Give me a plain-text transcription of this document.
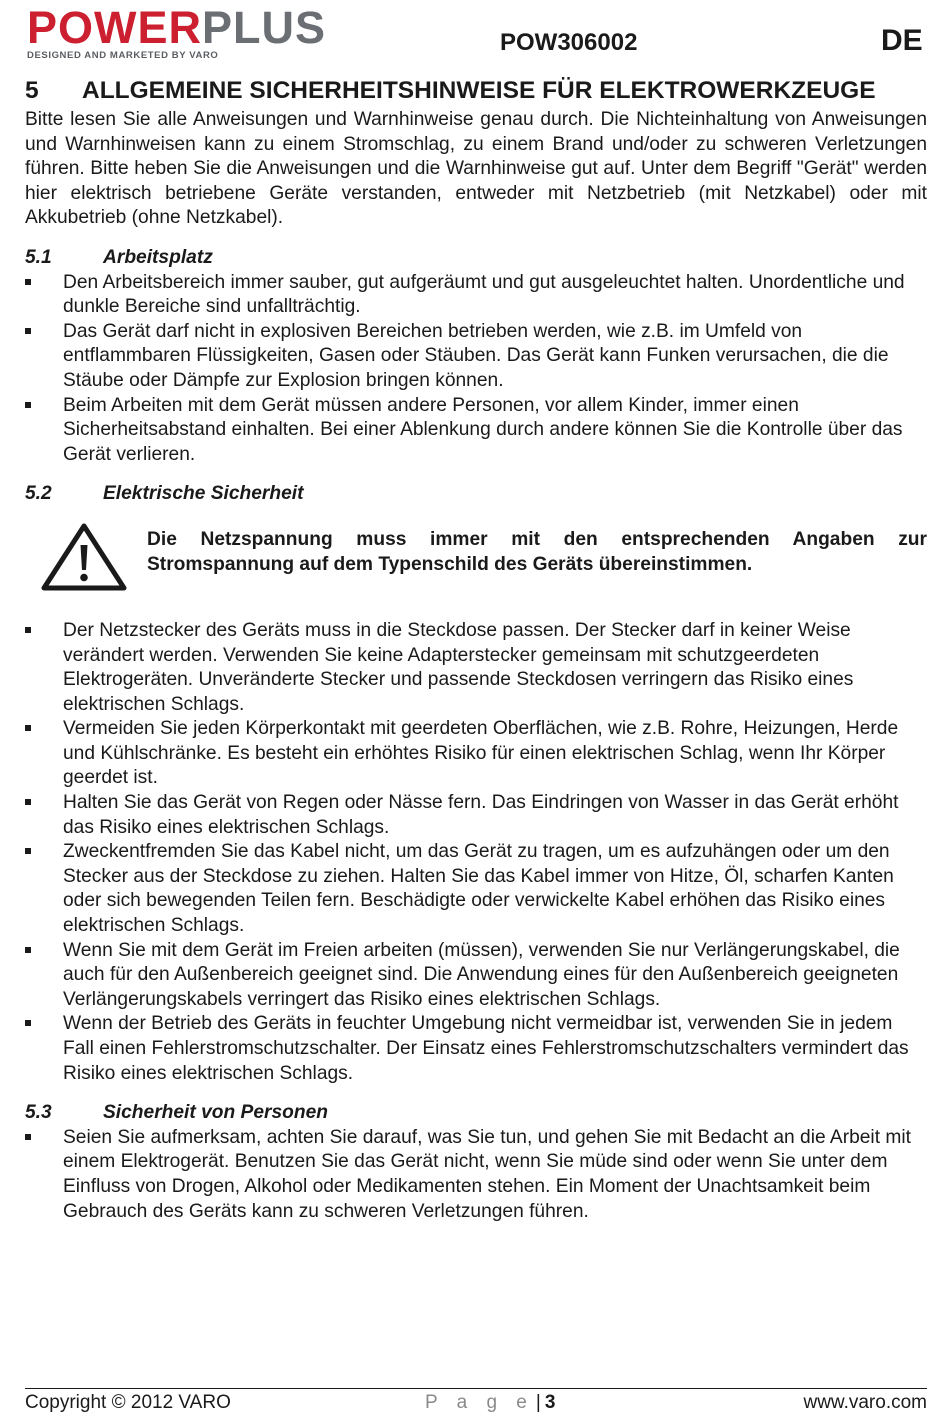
POWERPLUS
DESIGNED AND MARKETED BY VARO	POW306002	DE
5	ALLGEMEINE SICHERHEITSHINWEISE FÜR ELEKTROWERKZEUGE

Bitte lesen Sie alle Anweisungen und Warnhinweise genau durch. Die Nichteinhaltung von Anweisungen und Warnhinweisen kann zu einem Stromschlag, zu einem Brand und/oder zu schweren Verletzungen führen. Bitte heben Sie die Anweisungen und die Warnhinweise gut auf. Unter dem Begriff "Gerät" werden hier elektrisch betriebene Geräte verstanden, entweder mit Netzbetrieb (mit Netzkabel) oder mit Akkubetrieb (ohne Netzkabel).

5.1	Arbeitsplatz
Den Arbeitsbereich immer sauber, gut aufgeräumt und gut ausgeleuchtet halten. Unordentliche und dunkle Bereiche sind unfallträchtig.
Das Gerät darf nicht in explosiven Bereichen betrieben werden, wie z.B. im Umfeld von entflammbaren Flüssigkeiten, Gasen oder Stäuben. Das Gerät kann Funken verursachen, die die Stäube oder Dämpfe zur Explosion bringen können.
Beim Arbeiten mit dem Gerät müssen andere Personen, vor allem Kinder, immer einen Sicherheitsabstand einhalten. Bei einer Ablenkung durch andere können Sie die Kontrolle über das Gerät verlieren.
5.2	Elektrische Sicherheit
Die Netzspannung muss immer mit den entsprechenden Angaben zur Stromspannung auf dem Typenschild des Geräts übereinstimmen.
Der Netzstecker des Geräts muss in die Steckdose passen. Der Stecker darf in keiner Weise verändert werden. Verwenden Sie keine Adapterstecker gemeinsam mit schutzgeerdeten Elektrogeräten. Unveränderte Stecker und passende Steckdosen verringern das Risiko eines elektrischen Schlags.
Vermeiden Sie jeden Körperkontakt mit geerdeten Oberflächen, wie z.B. Rohre, Heizungen, Herde und Kühlschränke. Es besteht ein erhöhtes Risiko für einen elektrischen Schlag, wenn Ihr Körper geerdet ist.
Halten Sie das Gerät von Regen oder Nässe fern. Das Eindringen von Wasser in das Gerät erhöht das Risiko eines elektrischen Schlags.
Zweckentfremden Sie das Kabel nicht, um das Gerät zu tragen, um es aufzuhängen oder um den Stecker aus der Steckdose zu ziehen. Halten Sie das Kabel immer von Hitze, Öl, scharfen Kanten oder sich bewegenden Teilen fern. Beschädigte oder verwickelte Kabel erhöhen das Risiko eines elektrischen Schlags.
Wenn Sie mit dem Gerät im Freien arbeiten (müssen), verwenden Sie nur Verlängerungskabel, die auch für den Außenbereich geeignet sind. Die Anwendung eines für den Außenbereich geeigneten Verlängerungskabels verringert das Risiko eines elektrischen Schlags.
Wenn der Betrieb des Geräts in feuchter Umgebung nicht vermeidbar ist, verwenden Sie in jedem Fall einen Fehlerstromschutzschalter. Der Einsatz eines Fehlerstromschutzschalters vermindert das Risiko eines elektrischen Schlags.
5.3	Sicherheit von Personen
Seien Sie aufmerksam, achten Sie darauf, was Sie tun, und gehen Sie mit Bedacht an die Arbeit mit einem Elektrogerät. Benutzen Sie das Gerät nicht, wenn Sie müde sind oder wenn Sie unter dem Einfluss von Drogen, Alkohol oder Medikamenten stehen. Ein Moment der Unachtsamkeit beim Gebrauch des Geräts kann zu schweren Verletzungen führen.
Copyright © 2012 VARO	P a g e | 3	www.varo.com
